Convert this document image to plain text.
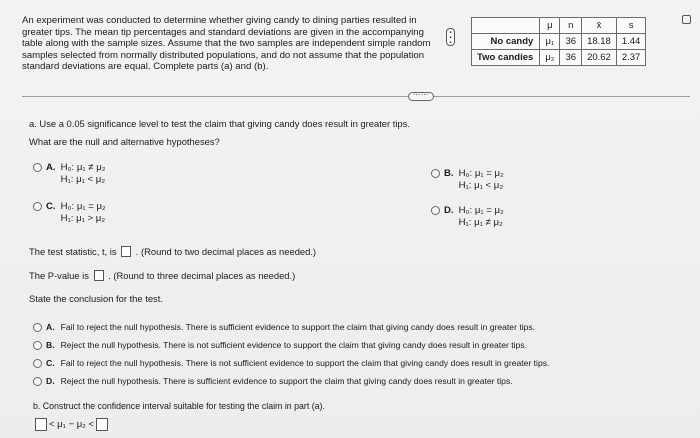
An experiment was conducted to determine whether giving candy to dining parties resulted in greater tips. The mean tip percentages and standard deviations are given in the accompanying table along with the sample sizes. Assume that the two samples are independent simple random samples selected from normally distributed populations, and do not assume that the population standard deviations are equal. Complete parts (a) and (b).
▪
▪
▪
	μ	n	x̄	s
No candy	μ₁	36	18.18	1.44
Two candies	μ₂	36	20.62	2.37
⋯⋯
a. Use a 0.05 significance level to test the claim that giving candy does result in greater tips.
What are the null and alternative hypotheses?
A. H₀: μ₁ ≠ μ₂
H₁: μ₁ < μ₂
B. H₀: μ₁ = μ₂
H₁: μ₁ < μ₂
C. H₀: μ₁ = μ₂
H₁: μ₁ > μ₂
D. H₀: μ₁ = μ₂
H₁: μ₁ ≠ μ₂
The test statistic, t, is . (Round to two decimal places as needed.)
The P-value is . (Round to three decimal places as needed.)
State the conclusion for the test.
A. Fail to reject the null hypothesis. There is sufficient evidence to support the claim that giving candy does result in greater tips.
B. Reject the null hypothesis. There is not sufficient evidence to support the claim that giving candy does result in greater tips.
C. Fail to reject the null hypothesis. There is not sufficient evidence to support the claim that giving candy does result in greater tips.
D. Reject the null hypothesis. There is sufficient evidence to support the claim that giving candy does result in greater tips.
b. Construct the confidence interval suitable for testing the claim in part (a).
< μ₁ − μ₂ <
